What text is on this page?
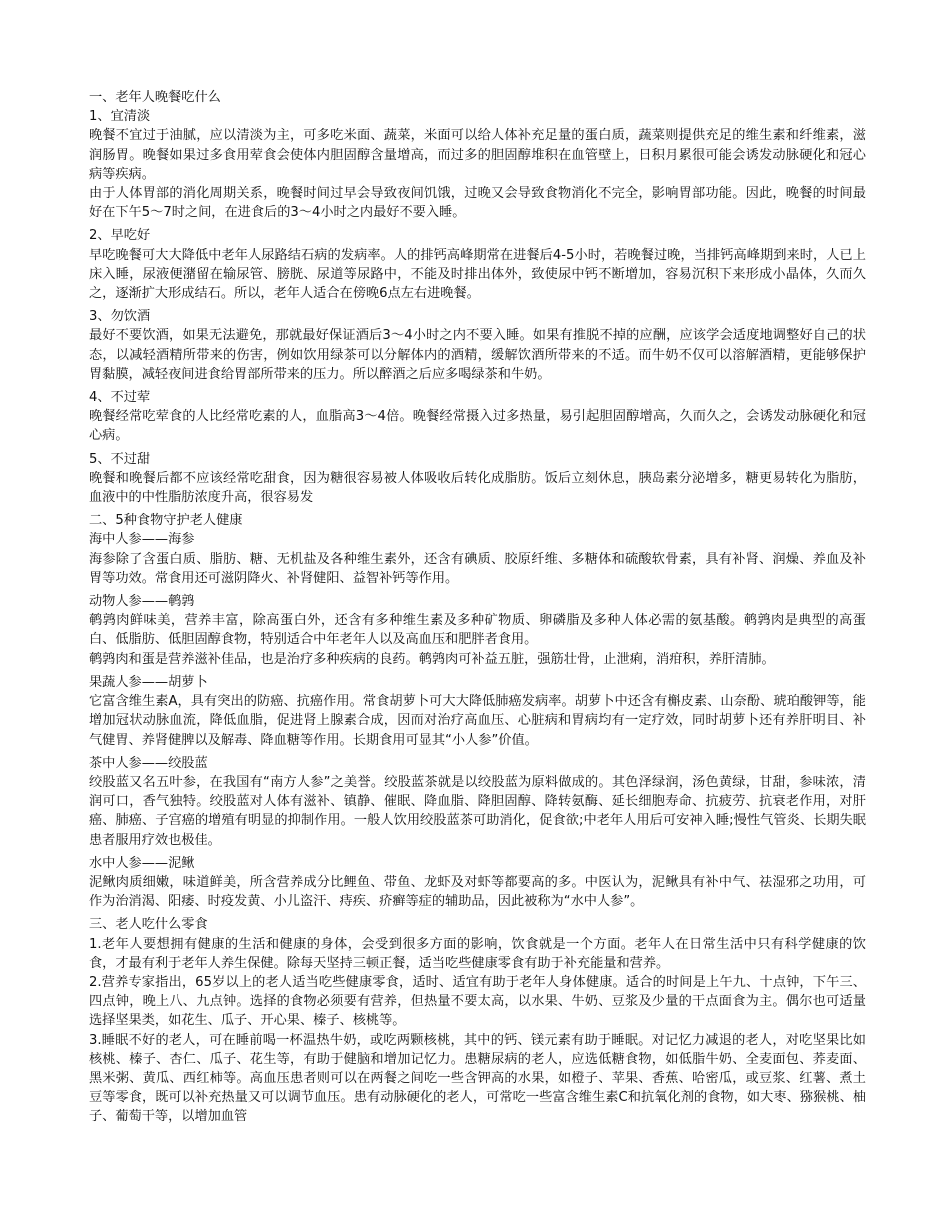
一、老年人晚餐吃什么
1、宜清淡

晚餐不宜过于油腻，应以清淡为主，可多吃米面、蔬菜，米面可以给人体补充足量的蛋白质，蔬菜则提供充足的维生素和纤维素，滋润肠胃。晚餐如果过多食用荤食会使体内胆固醇含量增高，而过多的胆固醇堆积在血管壁上，日积月累很可能会诱发动脉硬化和冠心病等疾病。

由于人体胃部的消化周期关系，晚餐时间过早会导致夜间饥饿，过晚又会导致食物消化不完全，影响胃部功能。因此，晚餐的时间最好在下午5～7时之间，在进食后的3～4小时之内最好不要入睡。

2、早吃好

早吃晚餐可大大降低中老年人尿路结石病的发病率。人的排钙高峰期常在进餐后4-5小时，若晚餐过晚，当排钙高峰期到来时，人已上床入睡，尿液便潴留在输尿管、膀胱、尿道等尿路中，不能及时排出体外，致使尿中钙不断增加，容易沉积下来形成小晶体，久而久之，逐渐扩大形成结石。所以，老年人适合在傍晚6点左右进晚餐。

3、勿饮酒

最好不要饮酒，如果无法避免，那就最好保证酒后3～4小时之内不要入睡。如果有推脱不掉的应酬，应该学会适度地调整好自己的状态，以减轻酒精所带来的伤害，例如饮用绿茶可以分解体内的酒精，缓解饮酒所带来的不适。而牛奶不仅可以溶解酒精，更能够保护胃黏膜，减轻夜间进食给胃部所带来的压力。所以醉酒之后应多喝绿茶和牛奶。

4、不过荤

晚餐经常吃荤食的人比经常吃素的人，血脂高3～4倍。晚餐经常摄入过多热量，易引起胆固醇增高，久而久之，会诱发动脉硬化和冠心病。

5、不过甜

晚餐和晚餐后都不应该经常吃甜食，因为糖很容易被人体吸收后转化成脂肪。饭后立刻休息，胰岛素分泌增多，糖更易转化为脂肪，血液中的中性脂肪浓度升高，很容易发

二、5种食物守护老人健康
海中人参——海参

海参除了含蛋白质、脂肪、糖、无机盐及各种维生素外，还含有碘质、胶原纤维、多糖体和硫酸软骨素，具有补肾、润燥、养血及补胃等功效。常食用还可滋阴降火、补肾健阳、益智补钙等作用。

动物人参——鹌鹑

鹌鹑肉鲜味美，营养丰富，除高蛋白外，还含有多种维生素及多种矿物质、卵磷脂及多种人体必需的氨基酸。鹌鹑肉是典型的高蛋白、低脂肪、低胆固醇食物，特别适合中年老年人以及高血压和肥胖者食用。

鹌鹑肉和蛋是营养滋补佳品，也是治疗多种疾病的良药。鹌鹑肉可补益五脏，强筋壮骨，止泄痢，消疳积，养肝清肺。

果蔬人参——胡萝卜

它富含维生素A，具有突出的防癌、抗癌作用。常食胡萝卜可大大降低肺癌发病率。胡萝卜中还含有槲皮素、山奈酚、琥珀酸钾等，能增加冠状动脉血流，降低血脂，促进肾上腺素合成，因而对治疗高血压、心脏病和胃病均有一定疗效，同时胡萝卜还有养肝明目、补气健胃、养肾健脾以及解毒、降血糖等作用。长期食用可显其“小人参”价值。

茶中人参——绞股蓝

绞股蓝又名五叶参，在我国有“南方人参”之美誉。绞股蓝茶就是以绞股蓝为原料做成的。其色泽绿润，汤色黄绿，甘甜，参味浓，清润可口，香气独特。绞股蓝对人体有滋补、镇静、催眠、降血脂、降胆固醇、降转氨酶、延长细胞寿命、抗疲劳、抗衰老作用，对肝癌、肺癌、子宫癌的增殖有明显的抑制作用。一般人饮用绞股蓝茶可助消化，促食欲;中老年人用后可安神入睡;慢性气管炎、长期失眠患者服用疗效也极佳。

水中人参——泥鳅

泥鳅肉质细嫩，味道鲜美，所含营养成分比鲤鱼、带鱼、龙虾及对虾等都要高的多。中医认为，泥鳅具有补中气、祛湿邪之功用，可作为治消渴、阳痿、时疫发黄、小儿盗汗、痔疾、疥癣等症的辅助品，因此被称为“水中人参”。

三、老人吃什么零食

1.老年人要想拥有健康的生活和健康的身体，会受到很多方面的影响，饮食就是一个方面。老年人在日常生活中只有科学健康的饮食，才最有利于老年人养生保健。除每天坚持三顿正餐，适当吃些健康零食有助于补充能量和营养。

2.营养专家指出，65岁以上的老人适当吃些健康零食，适时、适宜有助于老年人身体健康。适合的时间是上午九、十点钟，下午三、四点钟，晚上八、九点钟。选择的食物必须要有营养，但热量不要太高，以水果、牛奶、豆浆及少量的干点面食为主。偶尔也可适量选择坚果类，如花生、瓜子、开心果、榛子、核桃等。

3.睡眠不好的老人，可在睡前喝一杯温热牛奶，或吃两颗核桃，其中的钙、镁元素有助于睡眠。对记忆力减退的老人，对吃坚果比如核桃、榛子、杏仁、瓜子、花生等，有助于健脑和增加记忆力。患糖尿病的老人，应选低糖食物，如低脂牛奶、全麦面包、荞麦面、黑米粥、黄瓜、西红柿等。高血压患者则可以在两餐之间吃一些含钾高的水果，如橙子、苹果、香蕉、哈密瓜，或豆浆、红薯、煮土豆等零食，既可以补充热量又可以调节血压。患有动脉硬化的老人，可常吃一些富含维生素C和抗氧化剂的食物，如大枣、猕猴桃、柚子、葡萄干等，以增加血管
